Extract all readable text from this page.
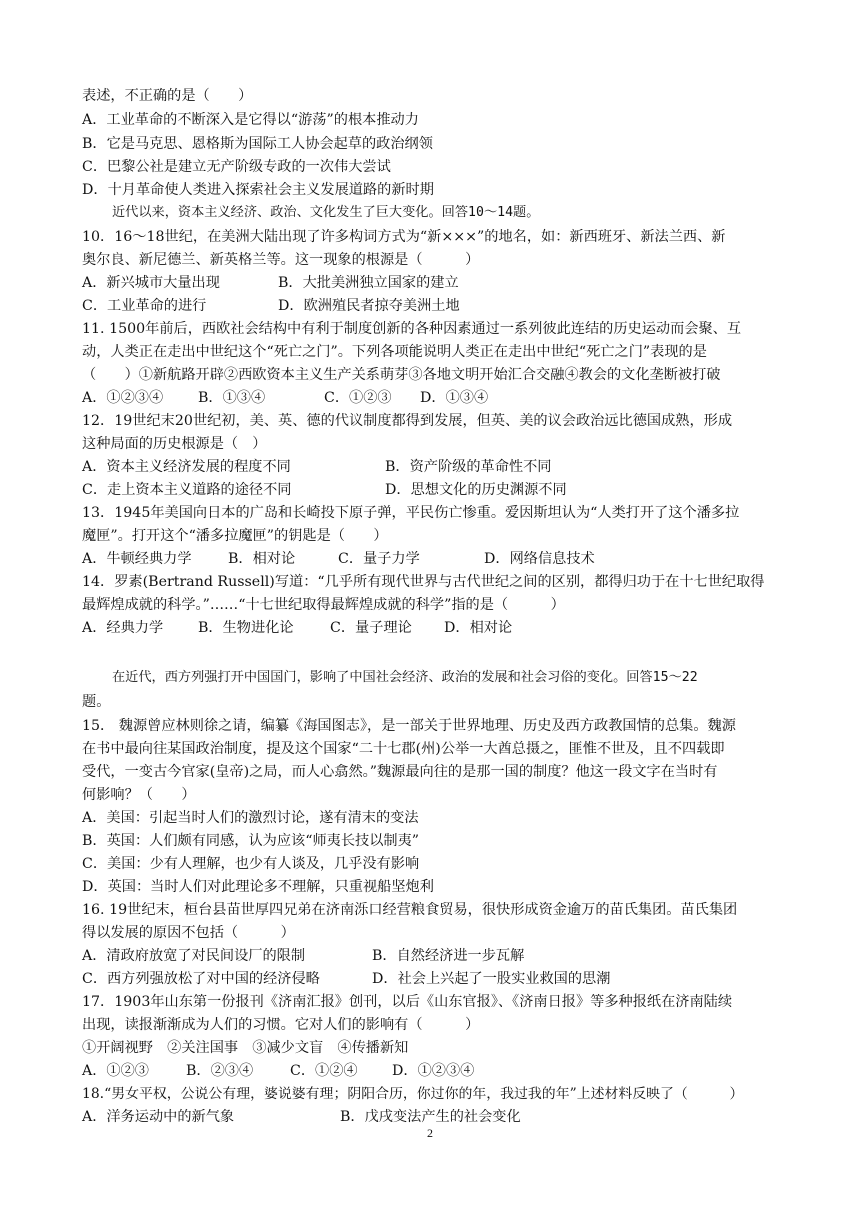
表述，不正确的是（　　）
A．工业革命的不断深入是它得以“游荡”的根本推动力
B．它是马克思、恩格斯为国际工人协会起草的政治纲领
C．巴黎公社是建立无产阶级专政的一次伟大尝试
D．十月革命使人类进入探索社会主义发展道路的新时期
近代以来，资本主义经济、政治、文化发生了巨大变化。回答10～14题。
10．16～18世纪，在美洲大陆出现了许多构词方式为“新×××”的地名，如：新西班牙、新法兰西、新
奥尔良、新尼德兰、新英格兰等。这一现象的根源是（　　　）
A．新兴城市大量出现	B．大批美洲独立国家的建立
C．工业革命的进行	D．欧洲殖民者掠夺美洲土地
11. 1500年前后，西欧社会结构中有利于制度创新的各种因素通过一系列彼此连结的历史运动而会聚、互
动，人类正在走出中世纪这个“死亡之门”。下列各项能说明人类正在走出中世纪“死亡之门”表现的是
（　　）①新航路开辟②西欧资本主义生产关系萌芽③各地文明开始汇合交融④教会的文化垄断被打破
A．①②③④ B．①③④	C．①②③ D．①③④
12．19世纪末20世纪初，美、英、德的代议制度都得到发展，但英、美的议会政治远比德国成熟，形成
这种局面的历史根源是（　）
A．资本主义经济发展的程度不同	B．资产阶级的革命性不同
C．走上资本主义道路的途径不同	D．思想文化的历史渊源不同
13．1945年美国向日本的广岛和长崎投下原子弹，平民伤亡惨重。爱因斯坦认为“人类打开了这个潘多拉
魔匣”。打开这个“潘多拉魔匣”的钥匙是（　　）
A．牛顿经典力学	B．相对论	C．量子力学	D．网络信息技术
14．罗素(Bertrand Russell)写道：“几乎所有现代世界与古代世纪之间的区别，都得归功于在十七世纪取得
最辉煌成就的科学。”……“十七世纪取得最辉煌成就的科学”指的是（　　　）
A．经典力学 B．生物进化论	C．量子理论 D．相对论
在近代，西方列强打开中国国门，影响了中国社会经济、政治的发展和社会习俗的变化。回答15～22
题。
15． 魏源曾应林则徐之请，编纂《海国图志》，是一部关于世界地理、历史及西方政教国情的总集。魏源
在书中最向往某国政治制度，提及这个国家“二十七郡(州)公举一大酋总摄之，匪惟不世及，且不四载即
受代，一变古今官家(皇帝)之局，而人心翕然。”魏源最向往的是那一国的制度？他这一段文字在当时有
何影响？（　　）
A．美国：引起当时人们的激烈讨论，遂有清末的变法
B．英国：人们颇有同感，认为应该“师夷长技以制夷”
C．美国：少有人理解，也少有人谈及，几乎没有影响
D．英国：当时人们对此理论多不理解，只重视船坚炮利
16. 19世纪末，桓台县苗世厚四兄弟在济南泺口经营粮食贸易，很快形成资金逾万的苗氏集团。苗氏集团
得以发展的原因不包括（　　　）
A．清政府放宽了对民间设厂的限制	B．自然经济进一步瓦解
C．西方列强放松了对中国的经济侵略	D．社会上兴起了一股实业救国的思潮
17．1903年山东第一份报刊《济南汇报》创刊，以后《山东官报》、《济南日报》等多种报纸在济南陆续
出现，读报渐渐成为人们的习惯。它对人们的影响有（　　　）
①开阔视野　②关注国事　③减少文盲　④传播新知
A．①②③	B．②③④	C．①②④ D．①②③④
18.“男女平权，公说公有理，婆说婆有理；阴阳合历，你过你的年，我过我的年”上述材料反映了（　　　）
A．洋务运动中的新气象	B．戊戌变法产生的社会变化
2
